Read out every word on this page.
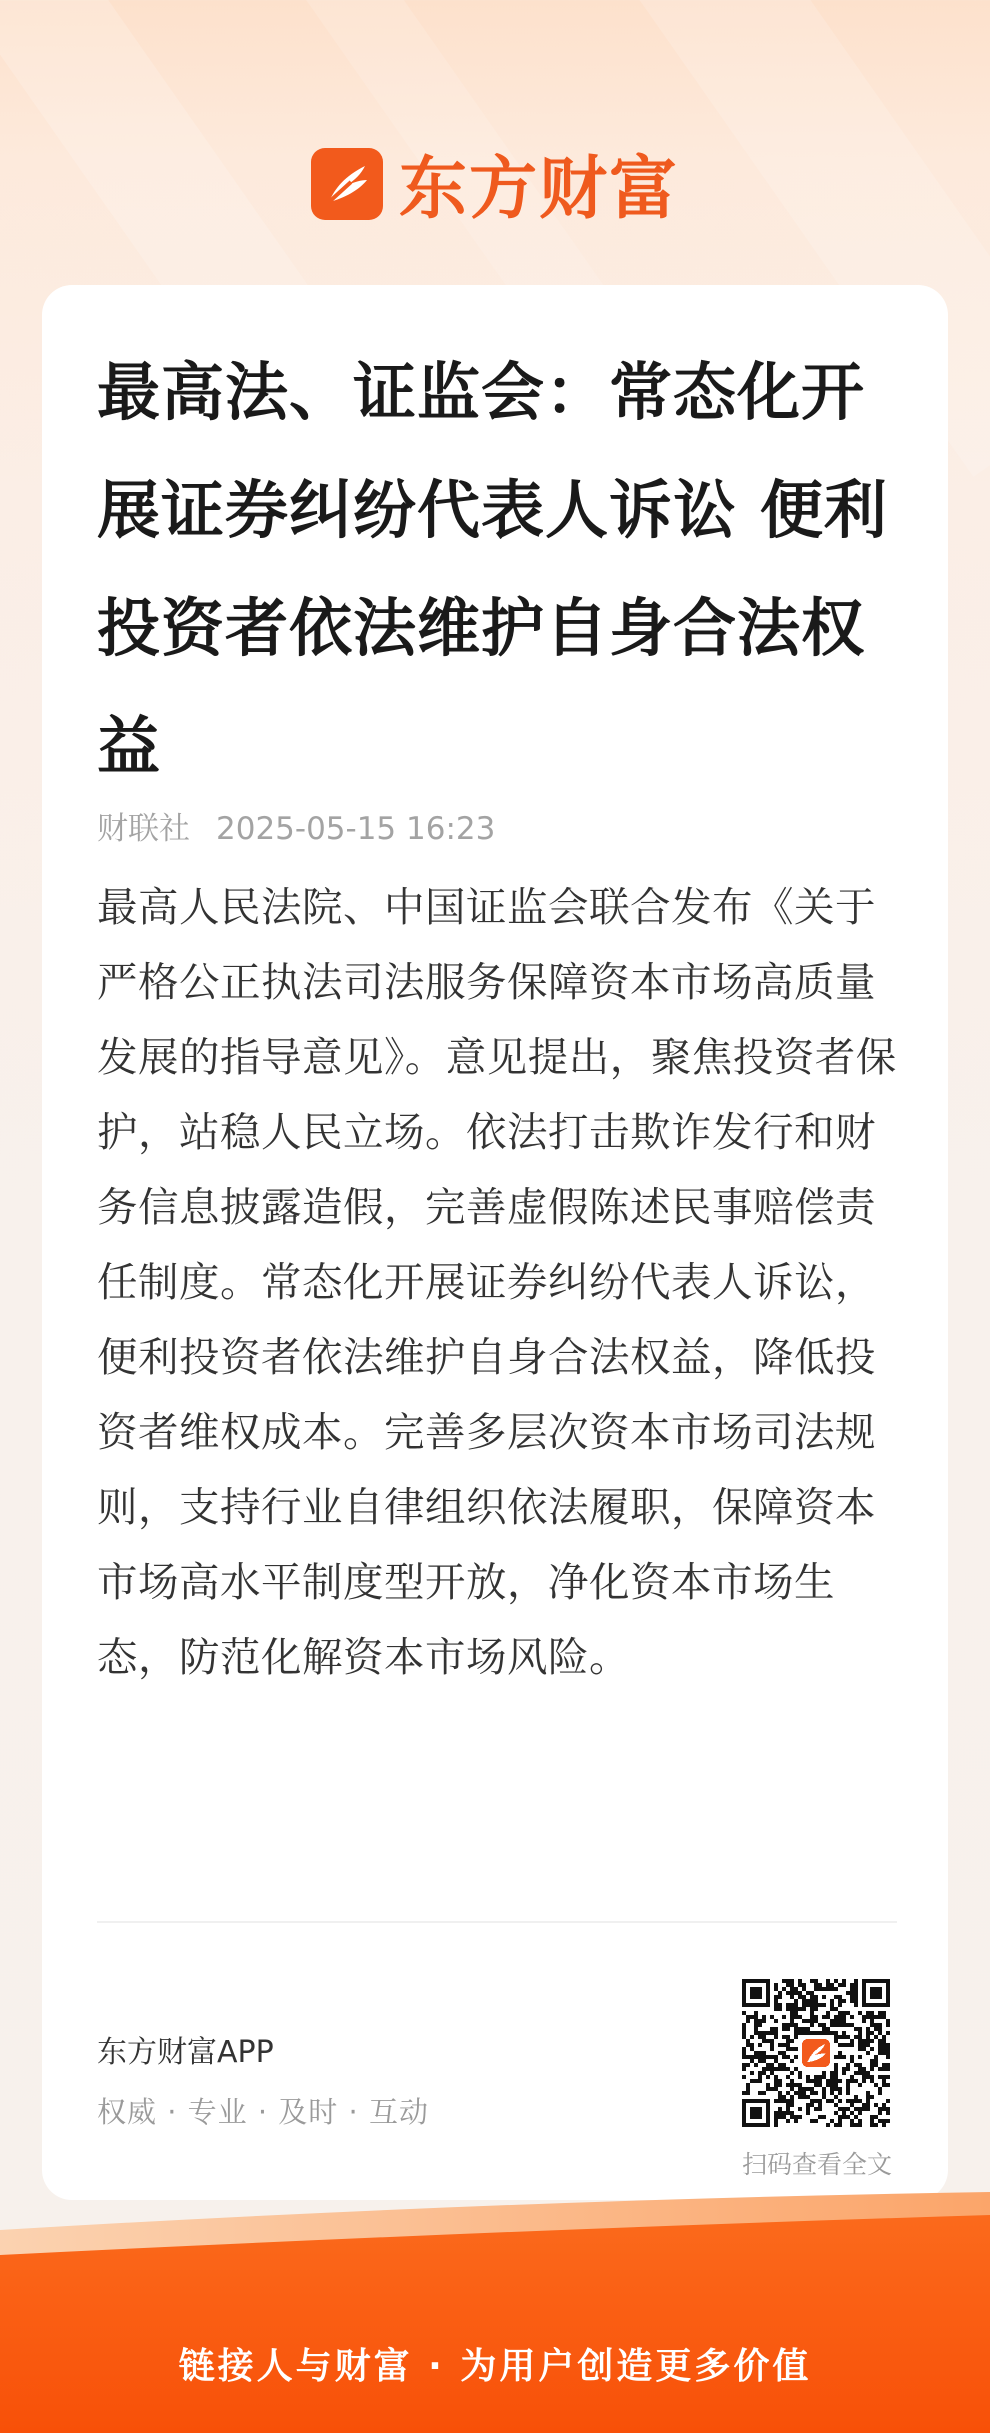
东方财富
最高法、证监会：常态化开展证券纠纷代表人诉讼 便利投资者依法维护自身合法权益
财联社 2025-05-15 16:23

最高人民法院、中国证监会联合发布《关于严格公正执法司法服务保障资本市场高质量发展的指导意见》。意见提出，聚焦投资者保护，站稳人民立场。依法打击欺诈发行和财务信息披露造假，完善虚假陈述民事赔偿责任制度。常态化开展证券纠纷代表人诉讼，便利投资者依法维护自身合法权益，降低投资者维权成本。完善多层次资本市场司法规则，支持行业自律组织依法履职，保障资本市场高水平制度型开放，净化资本市场生态，防范化解资本市场风险。

东方财富APP
权威 · 专业 · 及时 · 互动
扫码查看全文
链接人与财富 · 为用户创造更多价值
